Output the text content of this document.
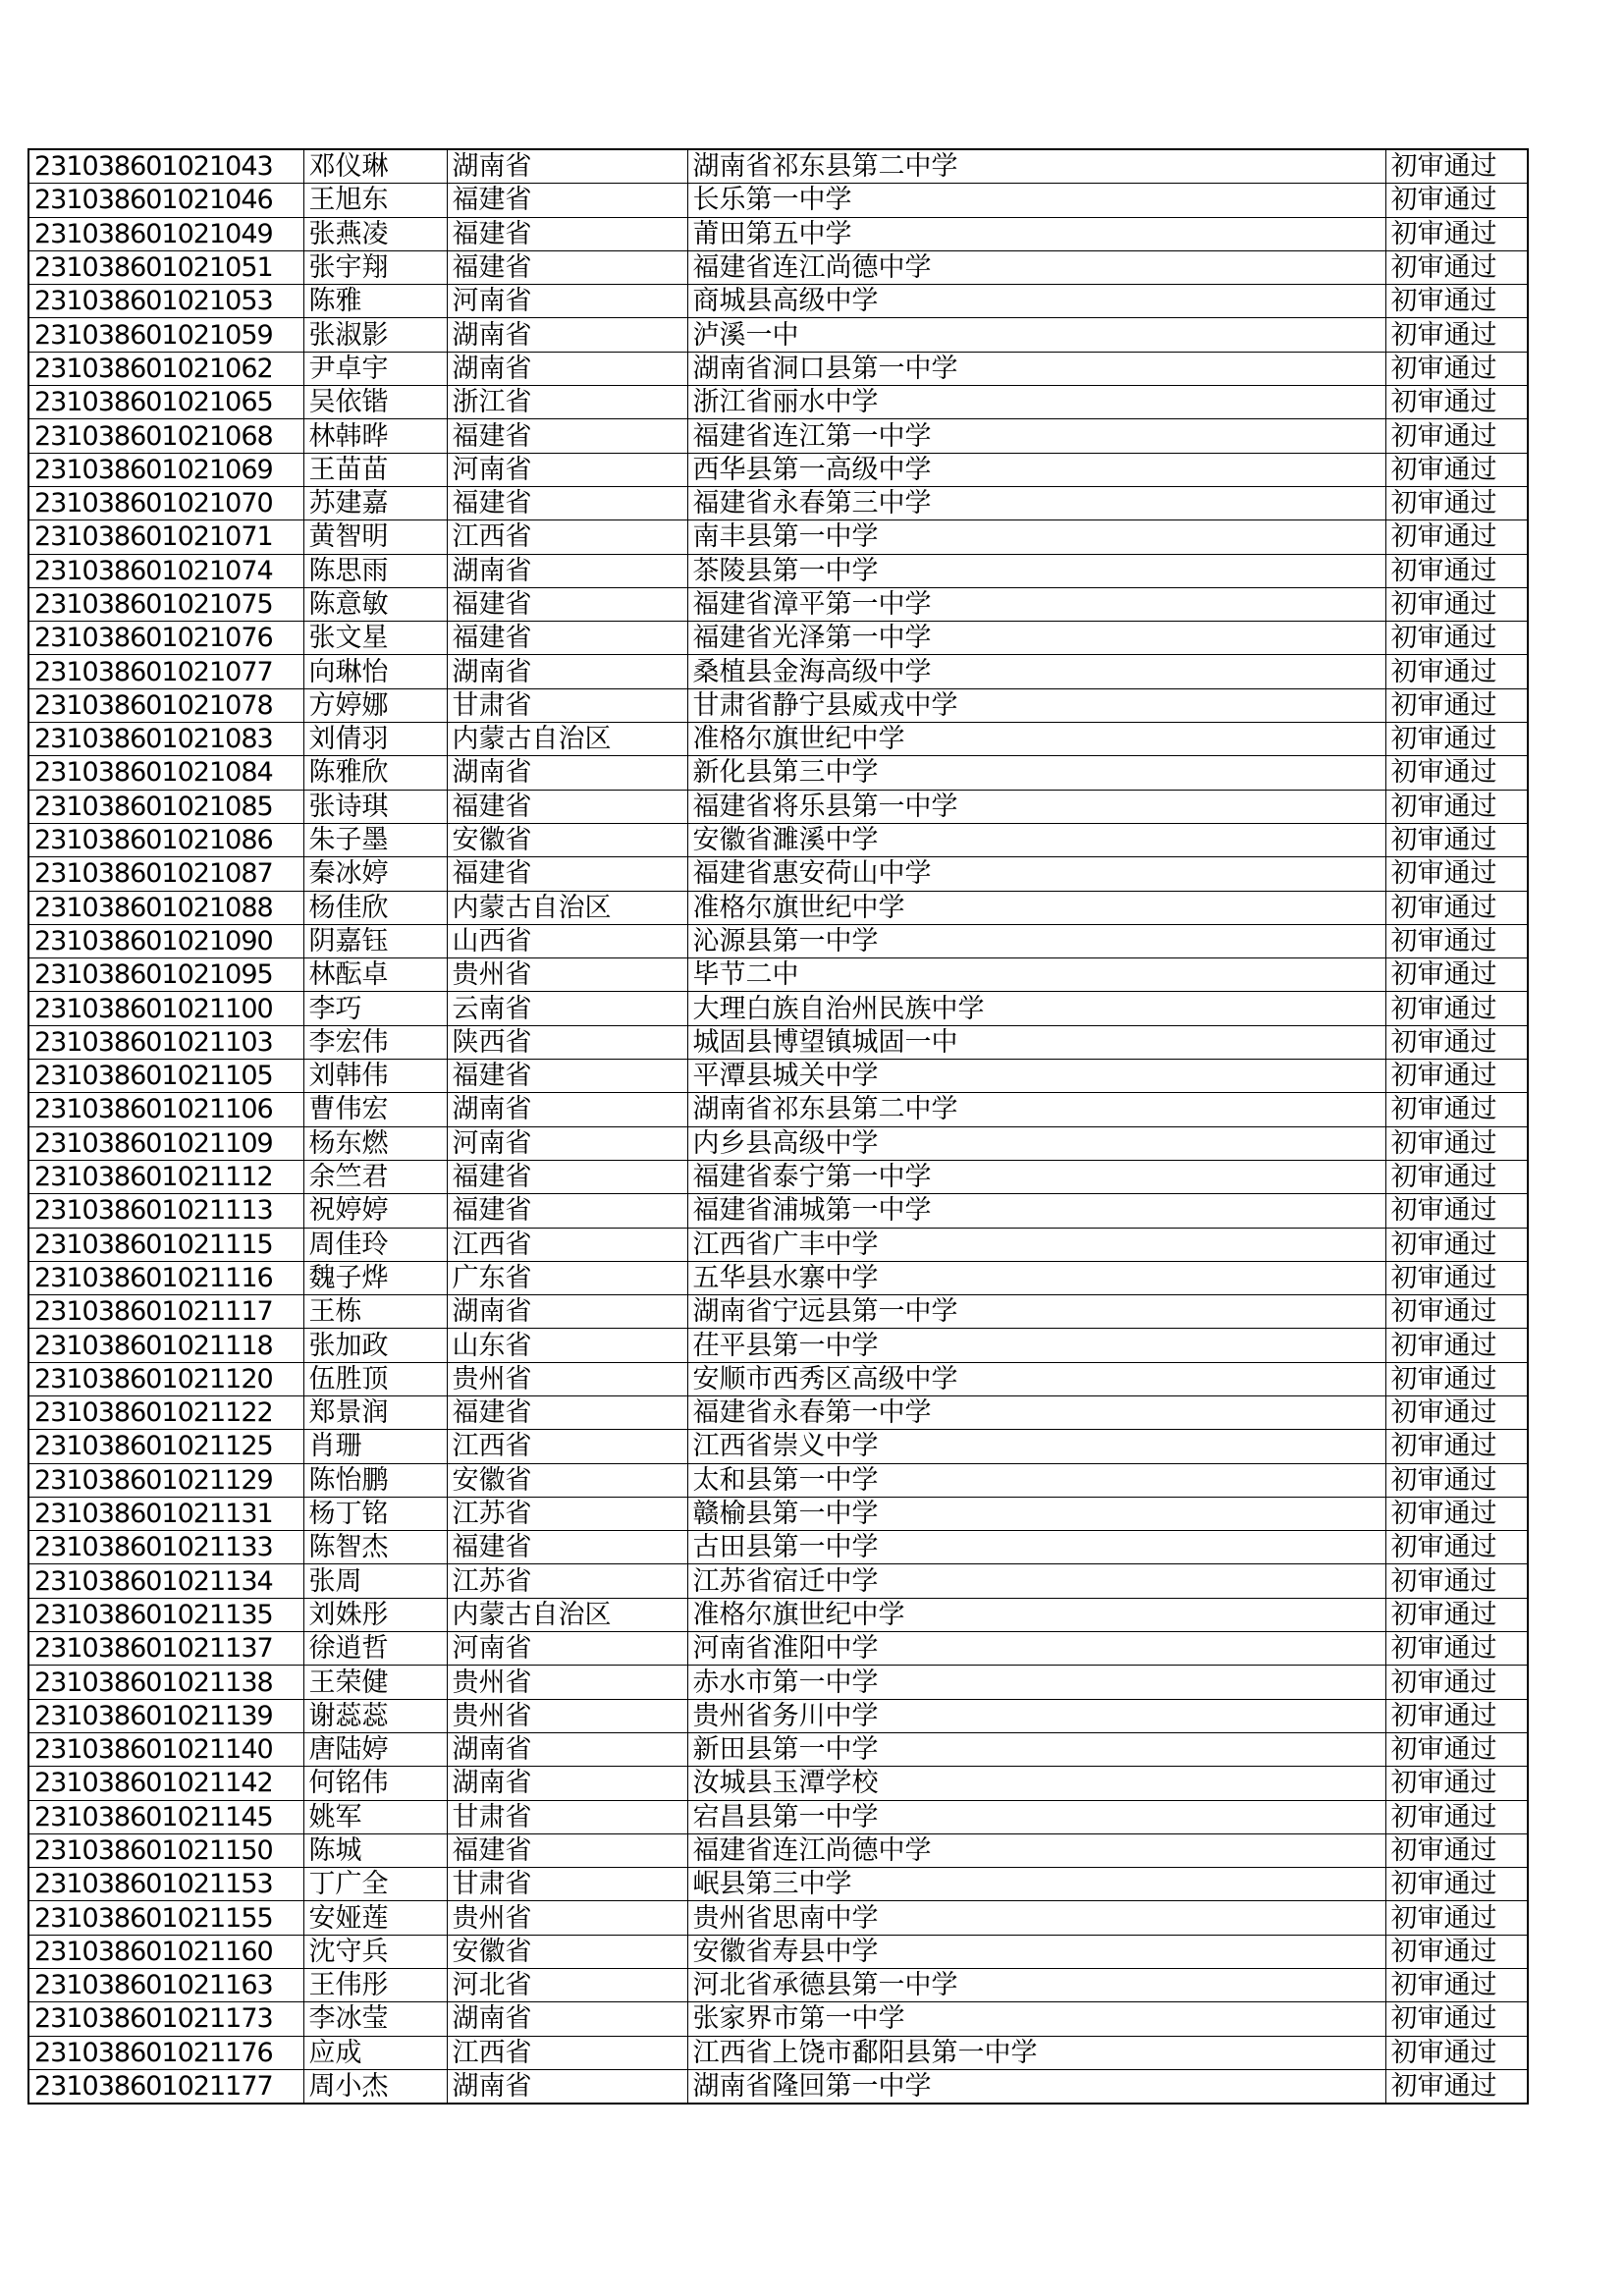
231038601021043	邓仪琳	湖南省	湖南省祁东县第二中学	初审通过
231038601021046	王旭东	福建省	长乐第一中学	初审通过
231038601021049	张燕凌	福建省	莆田第五中学	初审通过
231038601021051	张宇翔	福建省	福建省连江尚德中学	初审通过
231038601021053	陈雅	河南省	商城县高级中学	初审通过
231038601021059	张淑影	湖南省	泸溪一中	初审通过
231038601021062	尹卓宇	湖南省	湖南省洞口县第一中学	初审通过
231038601021065	吴依锴	浙江省	浙江省丽水中学	初审通过
231038601021068	林韩晔	福建省	福建省连江第一中学	初审通过
231038601021069	王苗苗	河南省	西华县第一高级中学	初审通过
231038601021070	苏建嘉	福建省	福建省永春第三中学	初审通过
231038601021071	黄智明	江西省	南丰县第一中学	初审通过
231038601021074	陈思雨	湖南省	茶陵县第一中学	初审通过
231038601021075	陈意敏	福建省	福建省漳平第一中学	初审通过
231038601021076	张文星	福建省	福建省光泽第一中学	初审通过
231038601021077	向琳怡	湖南省	桑植县金海高级中学	初审通过
231038601021078	方婷娜	甘肃省	甘肃省静宁县威戎中学	初审通过
231038601021083	刘倩羽	内蒙古自治区	准格尔旗世纪中学	初审通过
231038601021084	陈雅欣	湖南省	新化县第三中学	初审通过
231038601021085	张诗琪	福建省	福建省将乐县第一中学	初审通过
231038601021086	朱子墨	安徽省	安徽省濉溪中学	初审通过
231038601021087	秦冰婷	福建省	福建省惠安荷山中学	初审通过
231038601021088	杨佳欣	内蒙古自治区	准格尔旗世纪中学	初审通过
231038601021090	阴嘉钰	山西省	沁源县第一中学	初审通过
231038601021095	林酝卓	贵州省	毕节二中	初审通过
231038601021100	李巧	云南省	大理白族自治州民族中学	初审通过
231038601021103	李宏伟	陕西省	城固县博望镇城固一中	初审通过
231038601021105	刘韩伟	福建省	平潭县城关中学	初审通过
231038601021106	曹伟宏	湖南省	湖南省祁东县第二中学	初审通过
231038601021109	杨东燃	河南省	内乡县高级中学	初审通过
231038601021112	余竺君	福建省	福建省泰宁第一中学	初审通过
231038601021113	祝婷婷	福建省	福建省浦城第一中学	初审通过
231038601021115	周佳玲	江西省	江西省广丰中学	初审通过
231038601021116	魏子烨	广东省	五华县水寨中学	初审通过
231038601021117	王栋	湖南省	湖南省宁远县第一中学	初审通过
231038601021118	张加政	山东省	茌平县第一中学	初审通过
231038601021120	伍胜顶	贵州省	安顺市西秀区高级中学	初审通过
231038601021122	郑景润	福建省	福建省永春第一中学	初审通过
231038601021125	肖珊	江西省	江西省崇义中学	初审通过
231038601021129	陈怡鹏	安徽省	太和县第一中学	初审通过
231038601021131	杨丁铭	江苏省	赣榆县第一中学	初审通过
231038601021133	陈智杰	福建省	古田县第一中学	初审通过
231038601021134	张周	江苏省	江苏省宿迁中学	初审通过
231038601021135	刘姝彤	内蒙古自治区	准格尔旗世纪中学	初审通过
231038601021137	徐逍哲	河南省	河南省淮阳中学	初审通过
231038601021138	王荣健	贵州省	赤水市第一中学	初审通过
231038601021139	谢蕊蕊	贵州省	贵州省务川中学	初审通过
231038601021140	唐陆婷	湖南省	新田县第一中学	初审通过
231038601021142	何铭伟	湖南省	汝城县玉潭学校	初审通过
231038601021145	姚军	甘肃省	宕昌县第一中学	初审通过
231038601021150	陈城	福建省	福建省连江尚德中学	初审通过
231038601021153	丁广全	甘肃省	岷县第三中学	初审通过
231038601021155	安娅莲	贵州省	贵州省思南中学	初审通过
231038601021160	沈守兵	安徽省	安徽省寿县中学	初审通过
231038601021163	王伟彤	河北省	河北省承德县第一中学	初审通过
231038601021173	李冰莹	湖南省	张家界市第一中学	初审通过
231038601021176	应成	江西省	江西省上饶市鄱阳县第一中学	初审通过
231038601021177	周小杰	湖南省	湖南省隆回第一中学	初审通过
